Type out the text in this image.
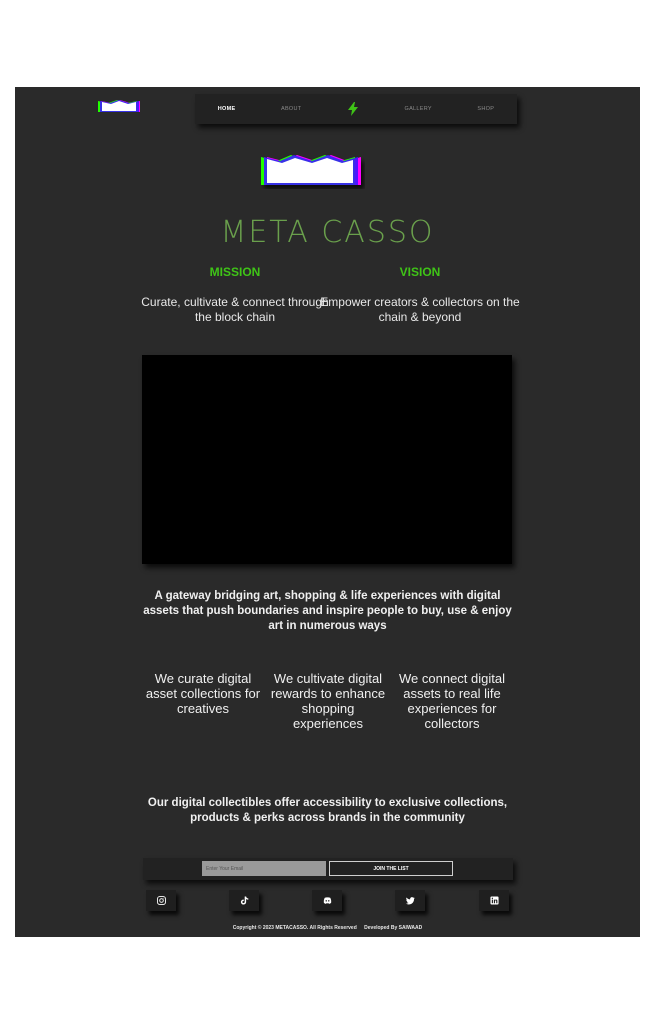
HOME	ABOUT	GALLERY	SHOP
META CASSO
MISSION
Curate, cultivate & connect through the block chain
VISION
Empower creators & collectors on the chain & beyond
A gateway bridging art, shopping & life experiences with digital assets that push boundaries and inspire people to buy, use & enjoy art in numerous ways
We curate digital asset collections for creatives
We cultivate digital rewards to enhance shopping experiences
We connect digital assets to real life experiences for collectors
Our digital collectibles offer accessibility to exclusive collections, products & perks across brands in the community
Enter Your Email
JOIN THE LIST
Copyright © 2023 METACASSO. All Rights Reserved Developed By SAIWAAD
